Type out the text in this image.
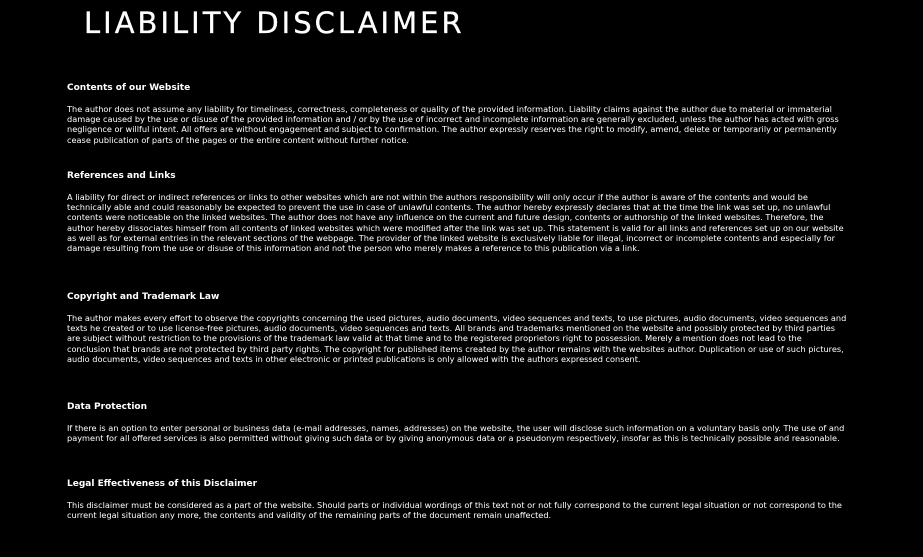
LIABILITY DISCLAIMER
Contents of our Website

The author does not assume any liability for timeliness, correctness, completeness or quality of the provided information. Liability claims against the author due to material or immaterial damage caused by the use or disuse of the provided information and / or by the use of incorrect and incomplete information are generally excluded, unless the author has acted with gross negligence or willful intent. All offers are without engagement and subject to confirmation. The author expressly reserves the right to modify, amend, delete or temporarily or permanently cease publication of parts of the pages or the entire content without further notice.

References and Links

A liability for direct or indirect references or links to other websites which are not within the authors responsibility will only occur if the author is aware of the contents and would be technically able and could reasonably be expected to prevent the use in case of unlawful contents. The author hereby expressly declares that at the time the link was set up, no unlawful contents were noticeable on the linked websites. The author does not have any influence on the current and future design, contents or authorship of the linked websites. Therefore, the author hereby dissociates himself from all contents of linked websites which were modified after the link was set up. This statement is valid for all links and references set up on our website as well as for external entries in the relevant sections of the webpage. The provider of the linked website is exclusively liable for illegal, incorrect or incomplete contents and especially for damage resulting from the use or disuse of this information and not the person who merely makes a reference to this publication via a link.

Copyright and Trademark Law

The author makes every effort to observe the copyrights concerning the used pictures, audio documents, video sequences and texts, to use pictures, audio documents, video sequences and texts he created or to use license-free pictures, audio documents, video sequences and texts. All brands and trademarks mentioned on the website and possibly protected by third parties are subject without restriction to the provisions of the trademark law valid at that time and to the registered proprietors right to possession. Merely a mention does not lead to the conclusion that brands are not protected by third party rights. The copyright for published items created by the author remains with the websites author. Duplication or use of such pictures, audio documents, video sequences and texts in other electronic or printed publications is only allowed with the authors expressed consent.

Data Protection

If there is an option to enter personal or business data (e-mail addresses, names, addresses) on the website, the user will disclose such information on a voluntary basis only. The use of and payment for all offered services is also permitted without giving such data or by giving anonymous data or a pseudonym respectively, insofar as this is technically possible and reasonable.

Legal Effectiveness of this Disclaimer

This disclaimer must be considered as a part of the website. Should parts or individual wordings of this text not or not fully correspond to the current legal situation or not correspond to the current legal situation any more, the contents and validity of the remaining parts of the document remain unaffected.
